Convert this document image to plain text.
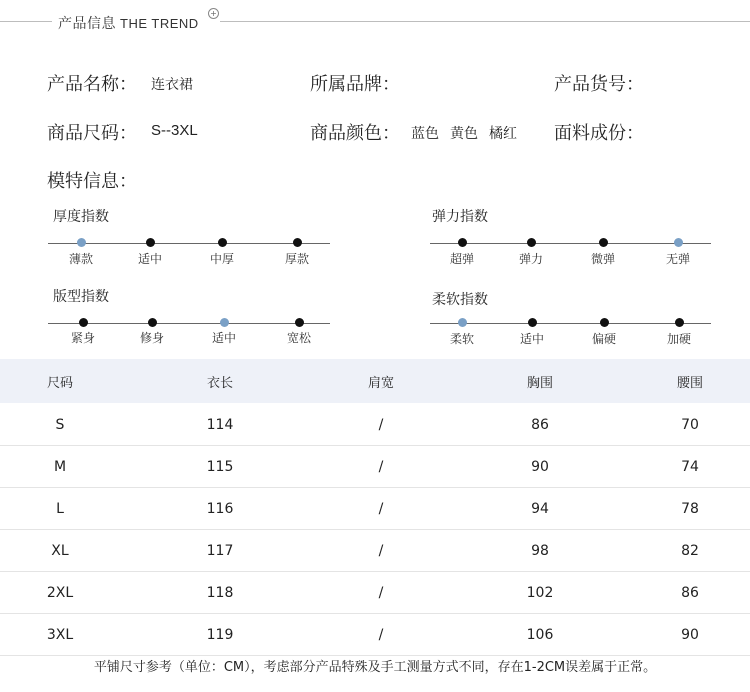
产品信息 THE TREND
+
产品名称： 连衣裙	所属品牌：	产品货号：
商品尺码： S--3XL	商品颜色： 蓝色 黄色 橘红 面料成份：
模特信息：
厚度指数
薄款	适中	中厚	厚款
弹力指数
超弹	弹力	微弹	无弹
版型指数
紧身	修身	适中	宽松
柔软指数
柔软	适中	偏硬	加硬
尺码	衣长	肩宽	胸围	腰围
S	114	/	86	70
M	115	/	90	74
L	116	/	94	78
XL	117	/	98	82
2XL	118	/	102	86
3XL	119	/	106	90
平铺尺寸参考（单位：CM），考虑部分产品特殊及手工测量方式不同，存在1-2CM误差属于正常。
